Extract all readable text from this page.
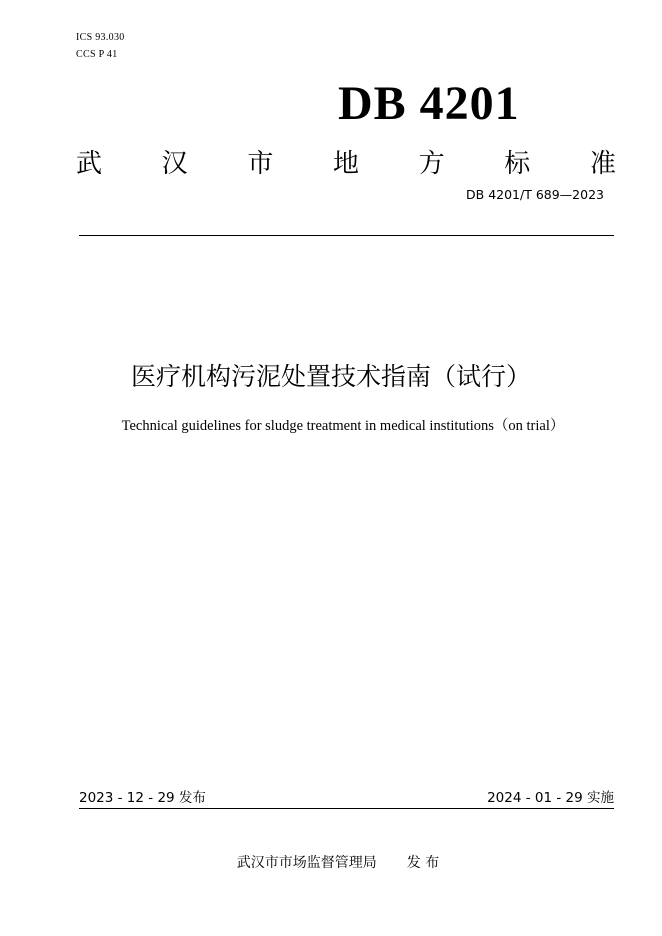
ICS 93.030
CCS P 41
DB 4201
武 汉 市 地 方 标 准
DB 4201/T 689—2023
医疗机构污泥处置技术指南（试行）
Technical guidelines for sludge treatment in medical institutions（on trial）
2023 - 12 - 29 发布	2024 - 01 - 29 实施
武汉市市场监督管理局 发 布
